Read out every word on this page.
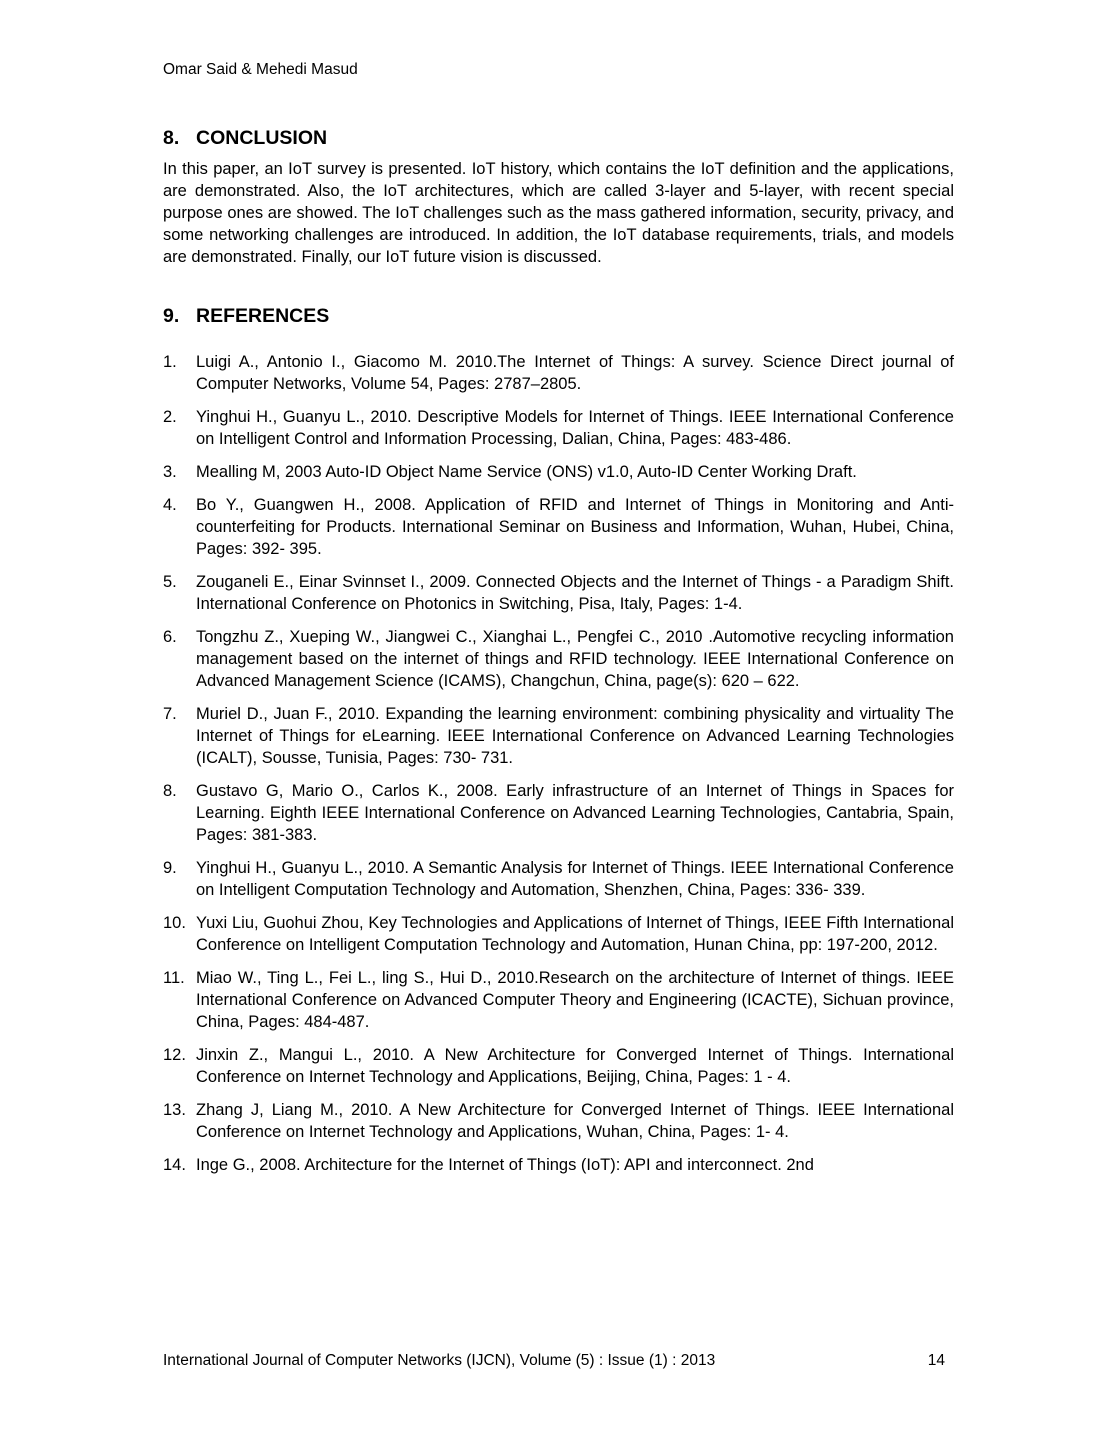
Omar Said & Mehedi Masud
8. CONCLUSION

In this paper, an IoT survey is presented. IoT history, which contains the IoT definition and the applications, are demonstrated. Also, the IoT architectures, which are called 3-layer and 5-layer, with recent special purpose ones are showed. The IoT challenges such as the mass gathered information, security, privacy, and some networking challenges are introduced. In addition, the IoT database requirements, trials, and models are demonstrated. Finally, our IoT future vision is discussed.

9. REFERENCES
1.	Luigi A., Antonio I., Giacomo M. 2010.The Internet of Things: A survey. Science Direct journal of Computer Networks, Volume 54, Pages: 2787–2805.
2.	Yinghui H., Guanyu L., 2010. Descriptive Models for Internet of Things. IEEE International Conference on Intelligent Control and Information Processing, Dalian, China, Pages: 483-486.
3.	Mealling M, 2003 Auto-ID Object Name Service (ONS) v1.0, Auto-ID Center Working Draft.
4.	Bo Y., Guangwen H., 2008. Application of RFID and Internet of Things in Monitoring and Anti-counterfeiting for Products. International Seminar on Business and Information, Wuhan, Hubei, China, Pages: 392- 395.
5.	Zouganeli E., Einar Svinnset I., 2009. Connected Objects and the Internet of Things - a Paradigm Shift. International Conference on Photonics in Switching, Pisa, Italy, Pages: 1-4.
6.	Tongzhu Z., Xueping W., Jiangwei C., Xianghai L., Pengfei C., 2010 .Automotive recycling information management based on the internet of things and RFID technology. IEEE International Conference on Advanced Management Science (ICAMS), Changchun, China, page(s): 620 – 622.
7.	Muriel D., Juan F., 2010. Expanding the learning environment: combining physicality and virtuality The Internet of Things for eLearning. IEEE International Conference on Advanced Learning Technologies (ICALT), Sousse, Tunisia, Pages: 730- 731.
8.	Gustavo G, Mario O., Carlos K., 2008. Early infrastructure of an Internet of Things in Spaces for Learning. Eighth IEEE International Conference on Advanced Learning Technologies, Cantabria, Spain, Pages: 381-383.
9.	Yinghui H., Guanyu L., 2010. A Semantic Analysis for Internet of Things. IEEE International Conference on Intelligent Computation Technology and Automation, Shenzhen, China, Pages: 336- 339.
10. Yuxi Liu, Guohui Zhou, Key Technologies and Applications of Internet of Things, IEEE Fifth International Conference on Intelligent Computation Technology and Automation, Hunan China, pp: 197-200, 2012.
11. Miao W., Ting L., Fei L., ling S., Hui D., 2010.Research on the architecture of Internet of things. IEEE International Conference on Advanced Computer Theory and Engineering (ICACTE), Sichuan province, China, Pages: 484-487.
12. Jinxin Z., Mangui L., 2010. A New Architecture for Converged Internet of Things. International Conference on Internet Technology and Applications, Beijing, China, Pages: 1 - 4.
13. Zhang J, Liang M., 2010. A New Architecture for Converged Internet of Things. IEEE International Conference on Internet Technology and Applications, Wuhan, China, Pages: 1- 4.
14. Inge G., 2008. Architecture for the Internet of Things (IoT): API and interconnect. 2nd
International Journal of Computer Networks (IJCN), Volume (5) : Issue (1) : 2013	14
